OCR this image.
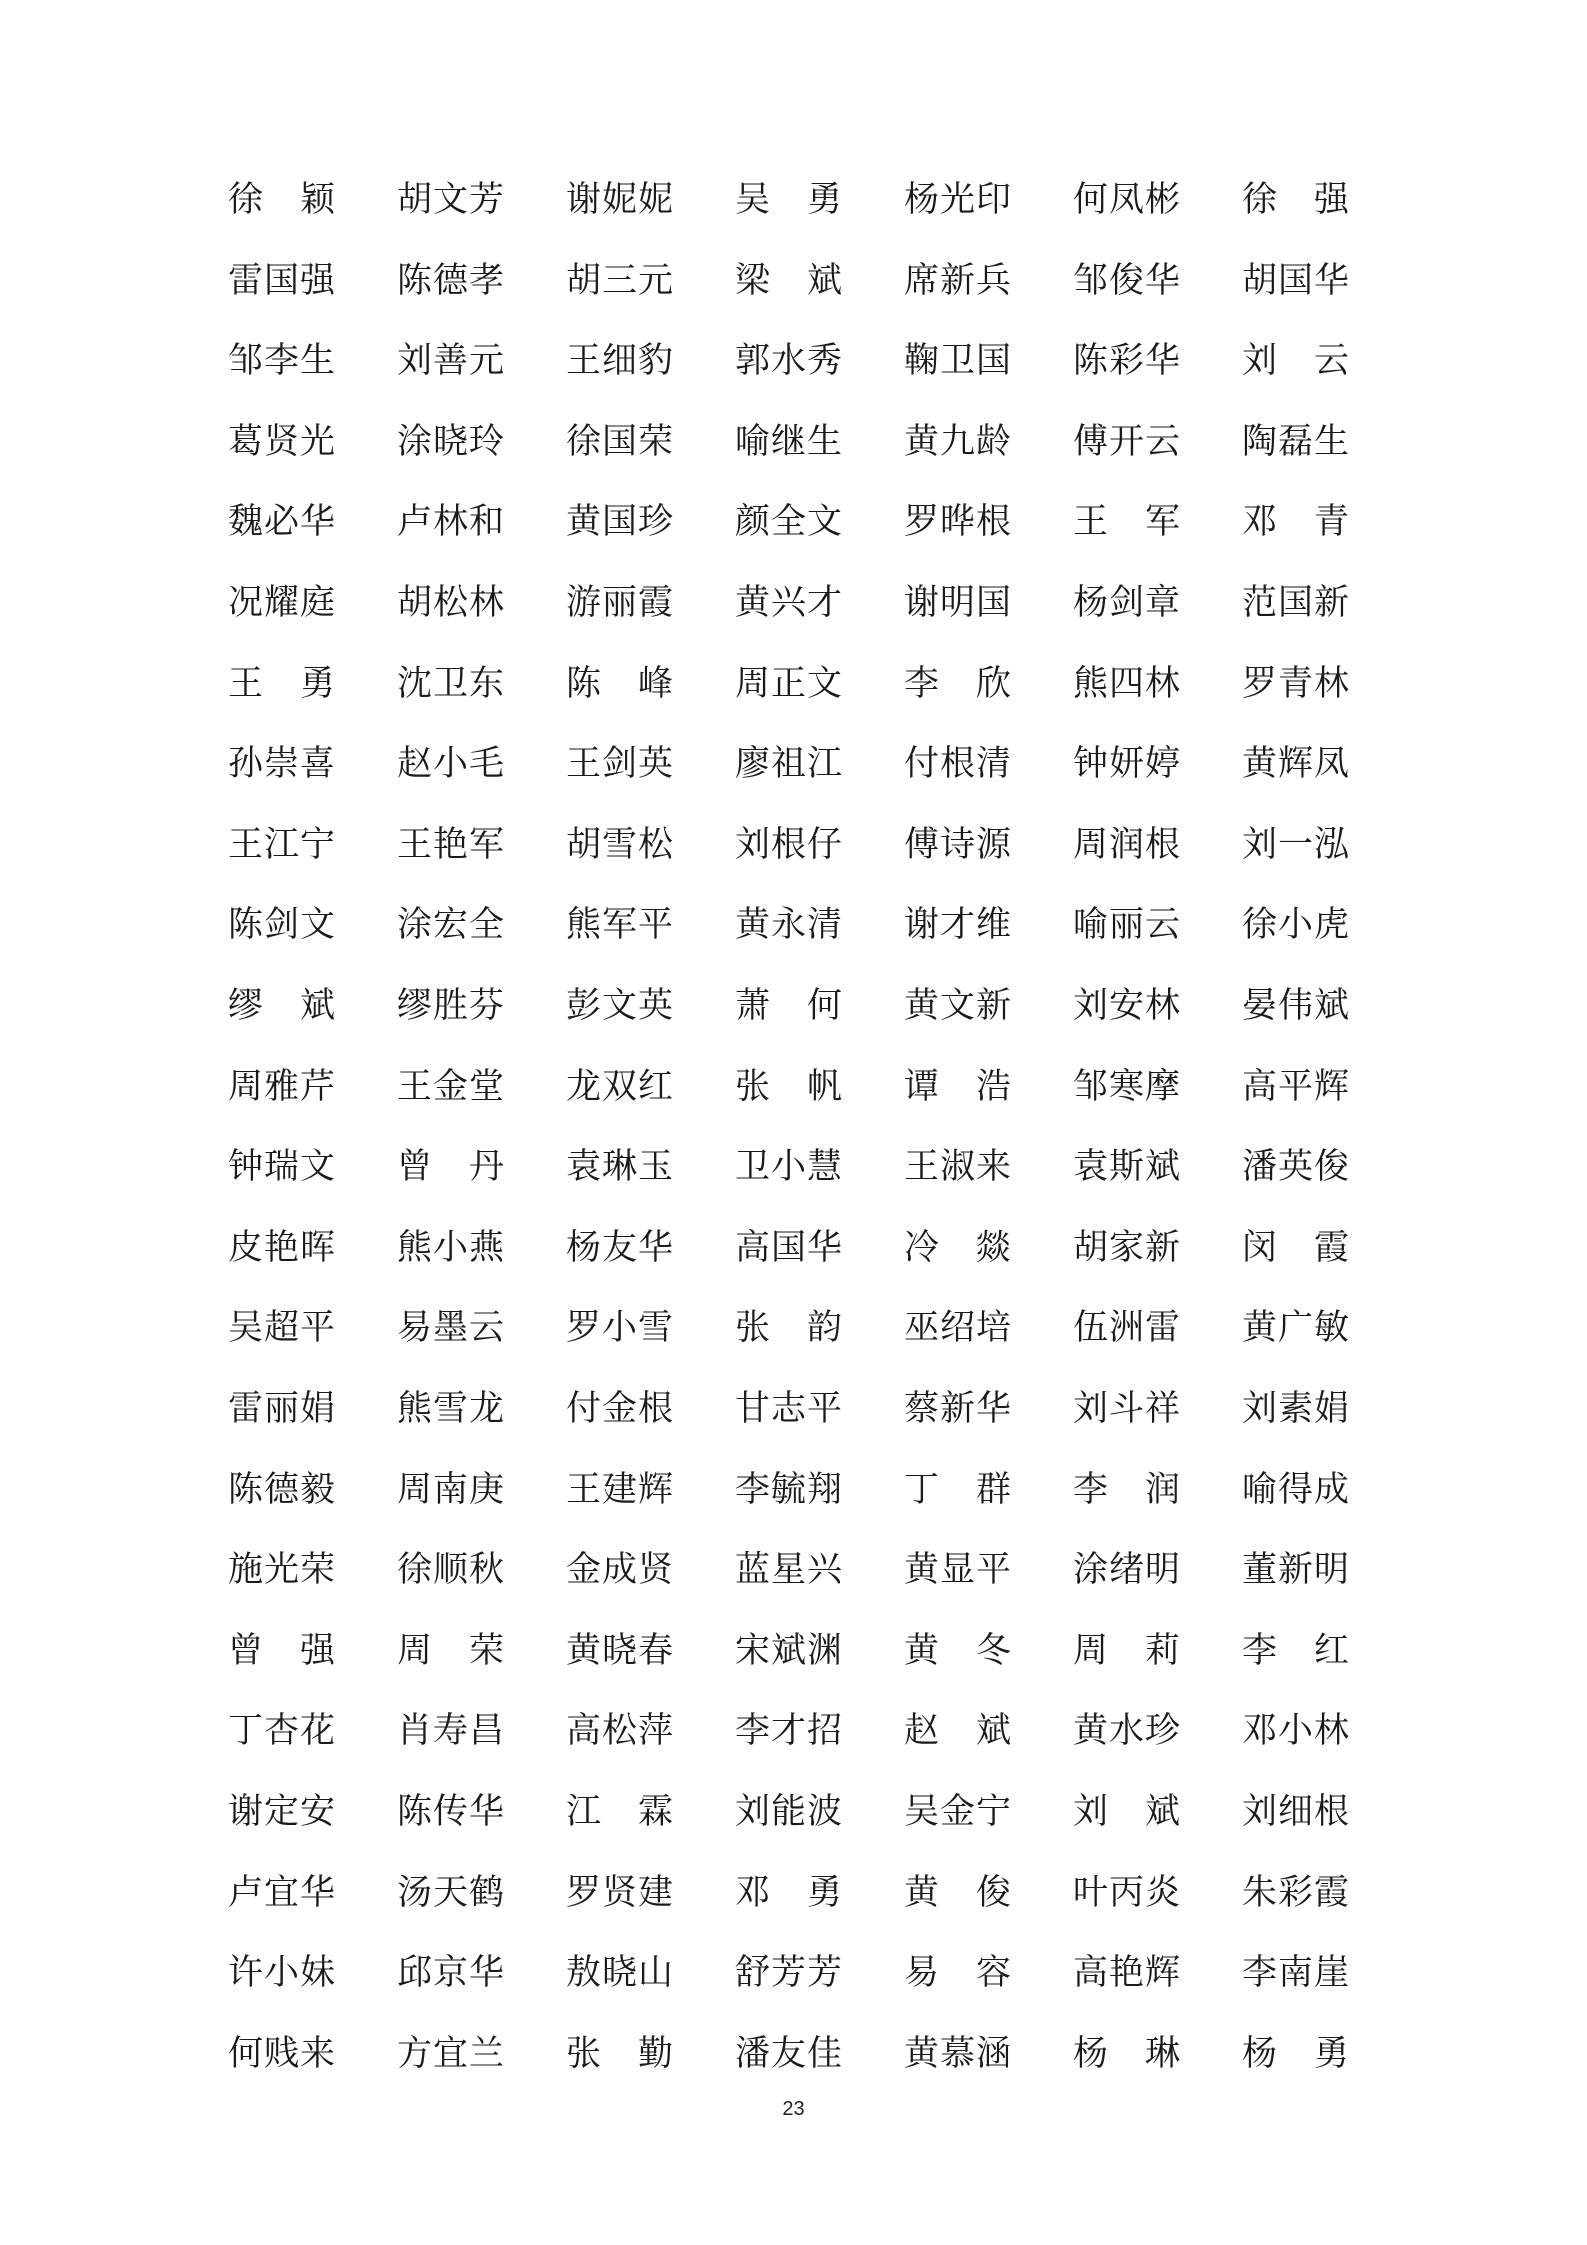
徐　颖 胡文芳 谢妮妮 吴　勇 杨光印 何凤彬 徐　强
雷国强 陈德孝 胡三元 梁　斌 席新兵 邹俊华 胡国华
邹李生 刘善元 王细豹 郭水秀 鞠卫国 陈彩华 刘　云
葛贤光 涂晓玲 徐国荣 喻继生 黄九龄 傅开云 陶磊生
魏必华 卢林和 黄国珍 颜全文 罗晔根 王　军 邓　青
况耀庭 胡松林 游丽霞 黄兴才 谢明国 杨剑章 范国新
王　勇 沈卫东 陈　峰 周正文 李　欣 熊四林 罗青林
孙崇喜 赵小毛 王剑英 廖祖江 付根清 钟妍婷 黄辉凤
王江宁 王艳军 胡雪松 刘根仔 傅诗源 周润根 刘一泓
陈剑文 涂宏全 熊军平 黄永清 谢才维 喻丽云 徐小虎
缪　斌 缪胜芬 彭文英 萧　何 黄文新 刘安林 晏伟斌
周雅芹 王金堂 龙双红 张　帆 谭　浩 邹寒摩 高平辉
钟瑞文 曾　丹 袁琳玉 卫小慧 王淑来 袁斯斌 潘英俊
皮艳晖 熊小燕 杨友华 高国华 冷　燚 胡家新 闵　霞
吴超平 易墨云 罗小雪 张　韵 巫绍培 伍洲雷 黄广敏
雷丽娟 熊雪龙 付金根 甘志平 蔡新华 刘斗祥 刘素娟
陈德毅 周南庚 王建辉 李毓翔 丁　群 李　润 喻得成
施光荣 徐顺秋 金成贤 蓝星兴 黄显平 涂绪明 董新明
曾　强 周　荣 黄晓春 宋斌渊 黄　冬 周　莉 李　红
丁杏花 肖寿昌 高松萍 李才招 赵　斌 黄水珍 邓小林
谢定安 陈传华 江　霖 刘能波 吴金宁 刘　斌 刘细根
卢宜华 汤天鹤 罗贤建 邓　勇 黄　俊 叶丙炎 朱彩霞
许小妹 邱京华 敖晓山 舒芳芳 易　容 高艳辉 李南崖
何贱来 方宜兰 张　勤 潘友佳 黄慕涵 杨　琳 杨　勇
23
